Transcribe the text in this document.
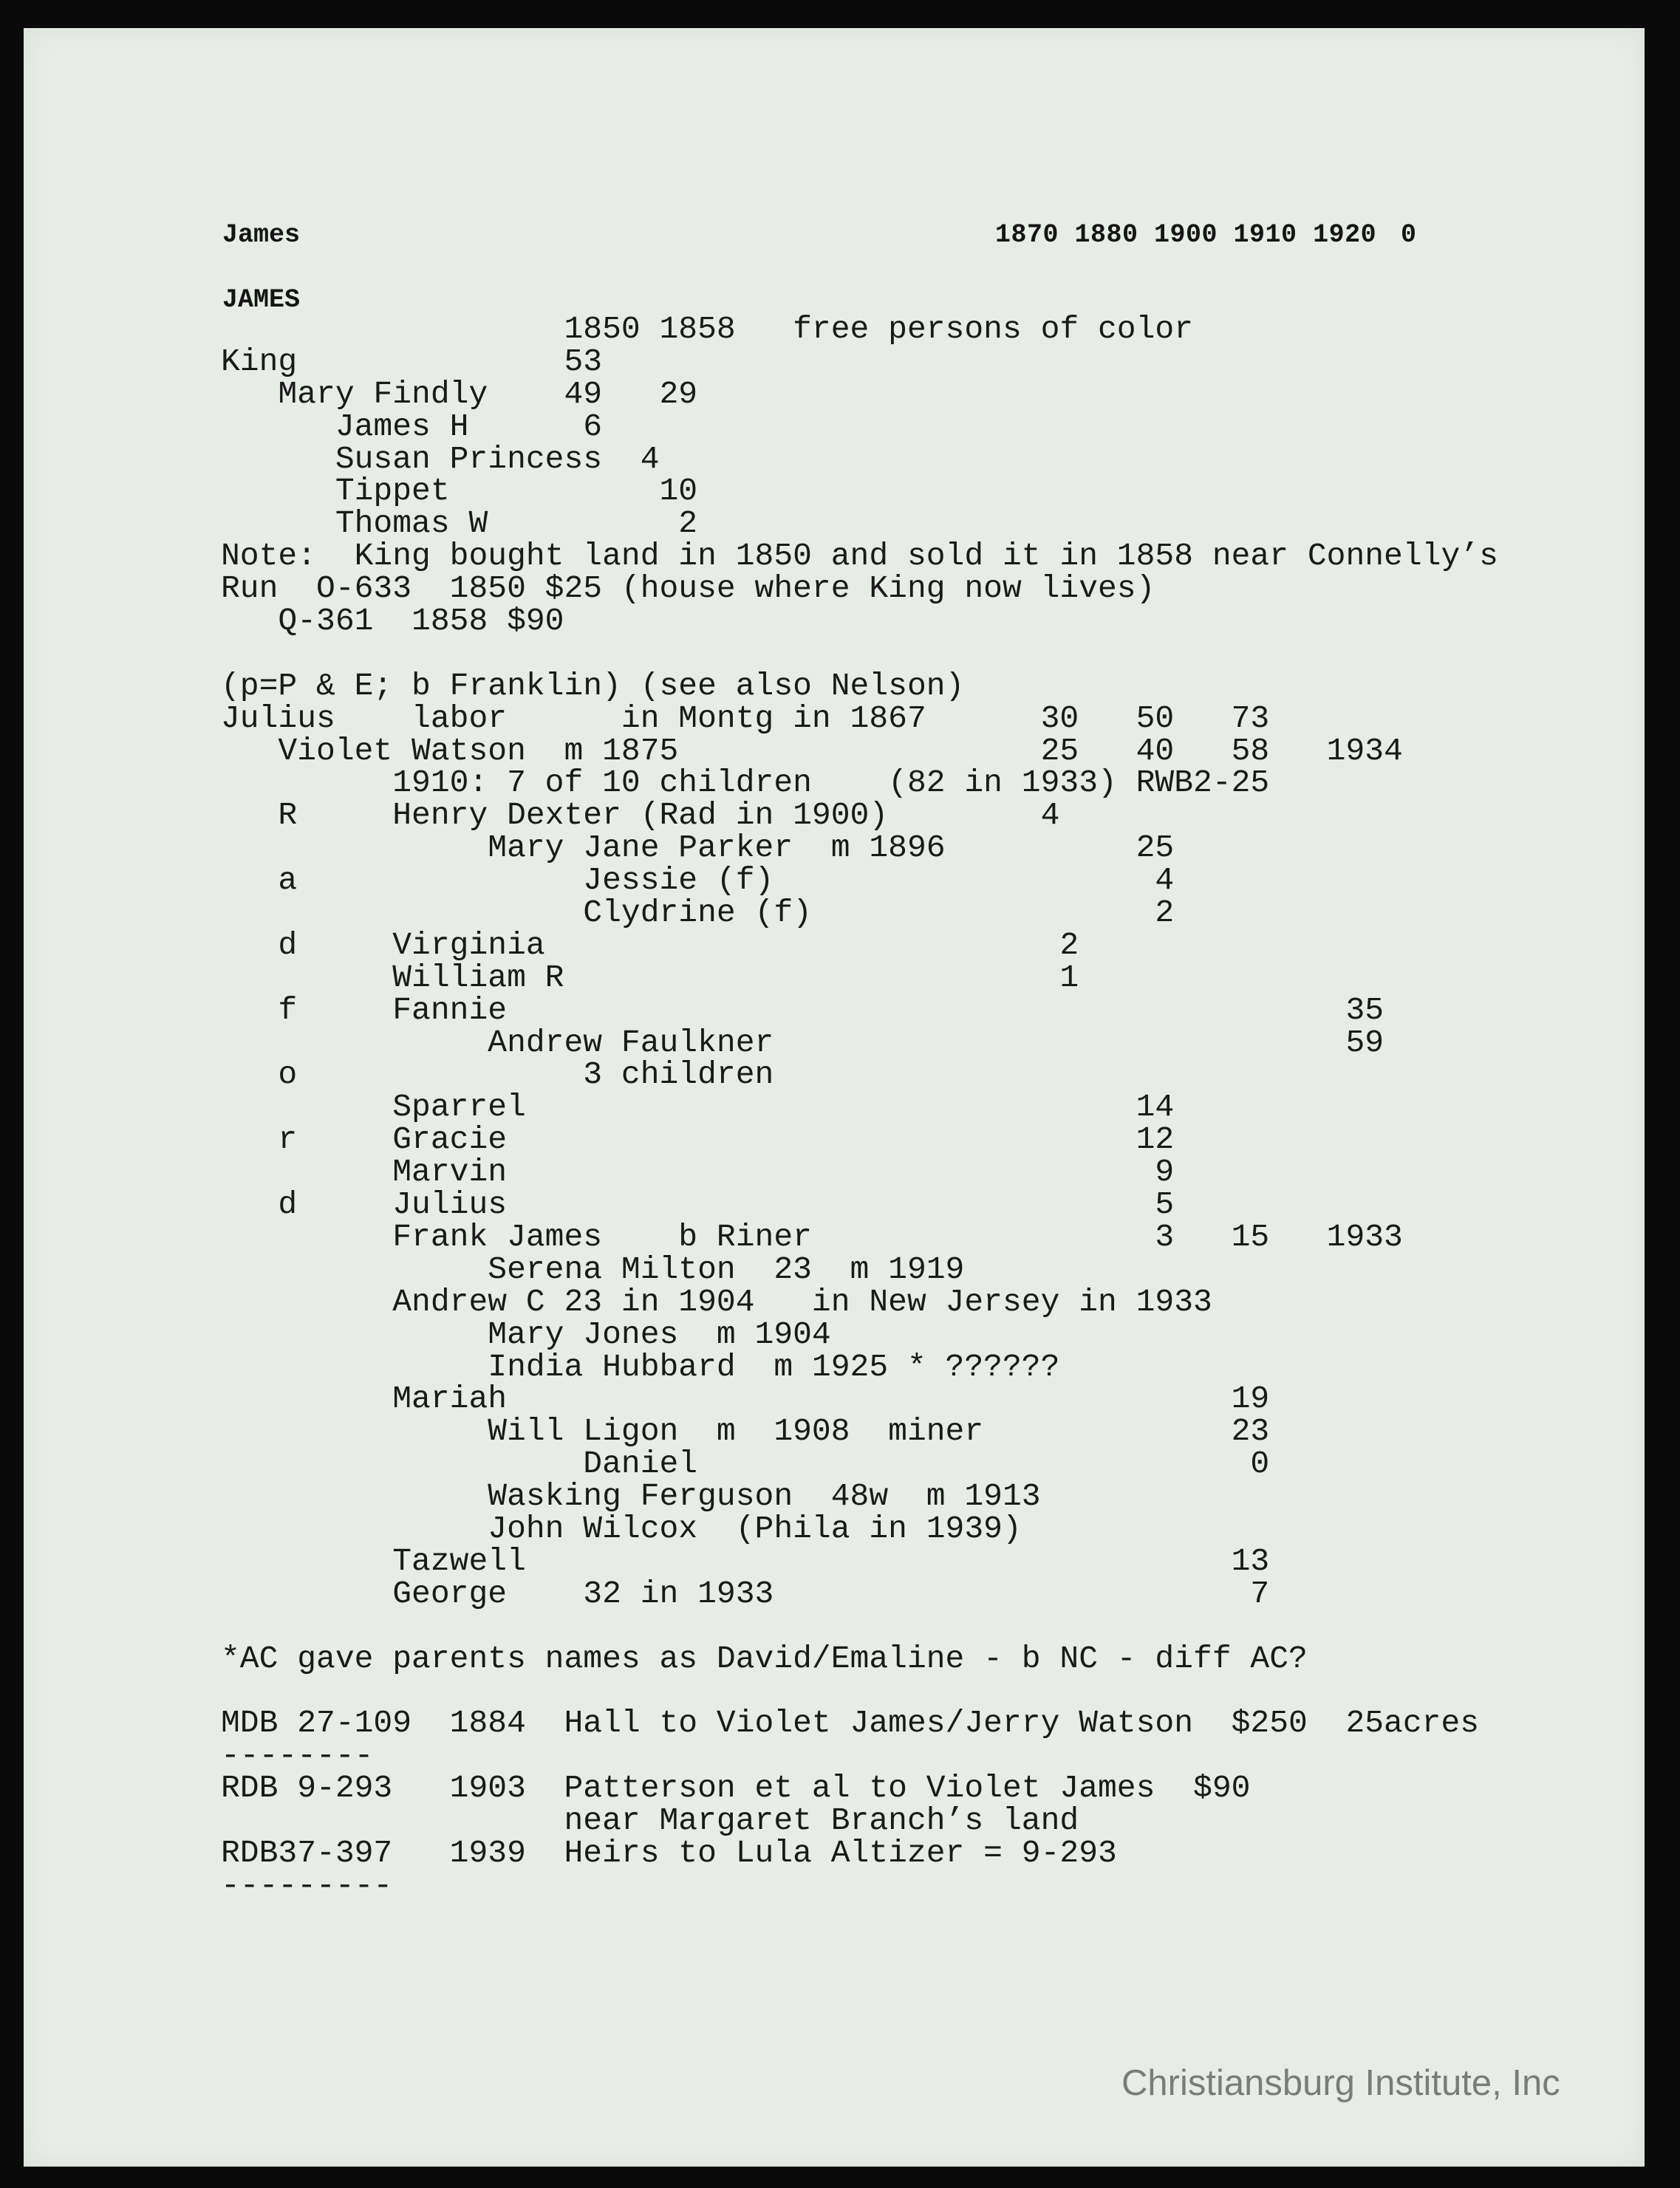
James	1870 1880 1900 1910 1920 0
JAMES
1850 1858   free persons of color
King              53
Mary Findly    49   29
James H      6
Susan Princess  4
Tippet           10
Thomas W          2
Note:  King bought land in 1850 and sold it in 1858 near Connelly’s
Run  O-633  1850 $25 (house where King now lives)
Q-361  1858 $90
(p=P & E; b Franklin) (see also Nelson)
Julius    labor      in Montg in 1867      30   50   73
Violet Watson  m 1875                   25   40   58   1934
1910: 7 of 10 children    (82 in 1933) RWB2-25
R     Henry Dexter (Rad in 1900)        4
Mary Jane Parker  m 1896          25
a               Jessie (f)                    4
Clydrine (f)                  2
d     Virginia                           2
William R                          1
f     Fannie                                            35
Andrew Faulkner                              59
o               3 children
Sparrel                                14
r     Gracie                                 12
Marvin                                  9
d     Julius                                  5
Frank James    b Riner                  3   15   1933
Serena Milton  23  m 1919
Andrew C 23 in 1904   in New Jersey in 1933
Mary Jones  m 1904
India Hubbard  m 1925 * ??????
Mariah                                      19
Will Ligon  m  1908  miner             23
Daniel                             0
Wasking Ferguson  48w  m 1913
John Wilcox  (Phila in 1939)
Tazwell                                     13
George    32 in 1933                         7
*AC gave parents names as David/Emaline - b NC - diff AC?
MDB 27-109  1884  Hall to Violet James/Jerry Watson  $250  25acres
--------
RDB 9-293   1903  Patterson et al to Violet James  $90
near Margaret Branch’s land
RDB37-397   1939  Heirs to Lula Altizer = 9-293
---------
Christiansburg Institute, Inc
